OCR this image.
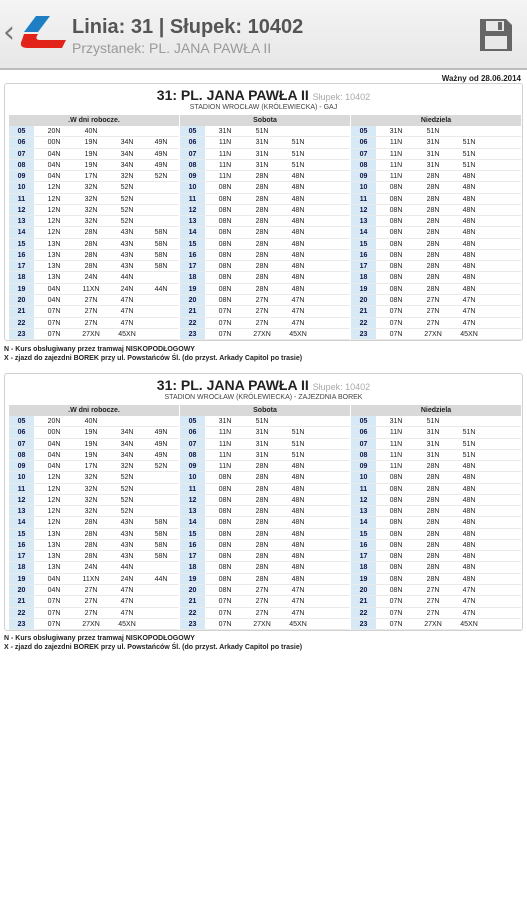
‹	Linia: 31 | Słupek: 10402
Przystanek: PL. JANA PAWŁA II
Ważny od 28.06.2014
31: PL. JANA PAWŁA II Słupek: 10402
STADION WROCŁAW (KRÓLEWIECKA) - GAJ
.W dni robocze.
05	20N	40N
06	00N	19N	34N	49N
07	04N	19N	34N	49N
08	04N	19N	34N	49N
09	04N	17N	32N	52N
10	12N	32N	52N
11	12N	32N	52N
12	12N	32N	52N
13	12N	32N	52N
14	12N	28N	43N	58N
15	13N	28N	43N	58N
16	13N	28N	43N	58N
17	13N	28N	43N	58N
18	13N	24N	44N
19	04N	11XN	24N	44N
20	04N	27N	47N
21	07N	27N	47N
22	07N	27N	47N
23	07N	27XN	45XN
Sobota
05	31N	51N
06	11N	31N	51N
07	11N	31N	51N
08	11N	31N	51N
09	11N	28N	48N
10	08N	28N	48N
11	08N	28N	48N
12	08N	28N	48N
13	08N	28N	48N
14	08N	28N	48N
15	08N	28N	48N
16	08N	28N	48N
17	08N	28N	48N
18	08N	28N	48N
19	08N	28N	48N
20	08N	27N	47N
21	07N	27N	47N
22	07N	27N	47N
23	07N	27XN	45XN
Niedziela
05	31N	51N
06	11N	31N	51N
07	11N	31N	51N
08	11N	31N	51N
09	11N	28N	48N
10	08N	28N	48N
11	08N	28N	48N
12	08N	28N	48N
13	08N	28N	48N
14	08N	28N	48N
15	08N	28N	48N
16	08N	28N	48N
17	08N	28N	48N
18	08N	28N	48N
19	08N	28N	48N
20	08N	27N	47N
21	07N	27N	47N
22	07N	27N	47N
23	07N	27XN	45XN
N - Kurs obsługiwany przez tramwaj NISKOPODŁOGOWY
X - zjazd do zajezdni BOREK przy ul. Powstańców Śl. (do przyst. Arkady Capitol po trasie)
31: PL. JANA PAWŁA II Słupek: 10402
STADION WROCŁAW (KRÓLEWIECKA) - ZAJEZDNIA BOREK
.W dni robocze.
05	20N	40N
06	00N	19N	34N	49N
07	04N	19N	34N	49N
08	04N	19N	34N	49N
09	04N	17N	32N	52N
10	12N	32N	52N
11	12N	32N	52N
12	12N	32N	52N
13	12N	32N	52N
14	12N	28N	43N	58N
15	13N	28N	43N	58N
16	13N	28N	43N	58N
17	13N	28N	43N	58N
18	13N	24N	44N
19	04N	11XN	24N	44N
20	04N	27N	47N
21	07N	27N	47N
22	07N	27N	47N
23	07N	27XN	45XN
Sobota
05	31N	51N
06	11N	31N	51N
07	11N	31N	51N
08	11N	31N	51N
09	11N	28N	48N
10	08N	28N	48N
11	08N	28N	48N
12	08N	28N	48N
13	08N	28N	48N
14	08N	28N	48N
15	08N	28N	48N
16	08N	28N	48N
17	08N	28N	48N
18	08N	28N	48N
19	08N	28N	48N
20	08N	27N	47N
21	07N	27N	47N
22	07N	27N	47N
23	07N	27XN	45XN
Niedziela
05	31N	51N
06	11N	31N	51N
07	11N	31N	51N
08	11N	31N	51N
09	11N	28N	48N
10	08N	28N	48N
11	08N	28N	48N
12	08N	28N	48N
13	08N	28N	48N
14	08N	28N	48N
15	08N	28N	48N
16	08N	28N	48N
17	08N	28N	48N
18	08N	28N	48N
19	08N	28N	48N
20	08N	27N	47N
21	07N	27N	47N
22	07N	27N	47N
23	07N	27XN	45XN
N - Kurs obsługiwany przez tramwaj NISKOPODŁOGOWY
X - zjazd do zajezdni BOREK przy ul. Powstańców Śl. (do przyst. Arkady Capitol po trasie)
